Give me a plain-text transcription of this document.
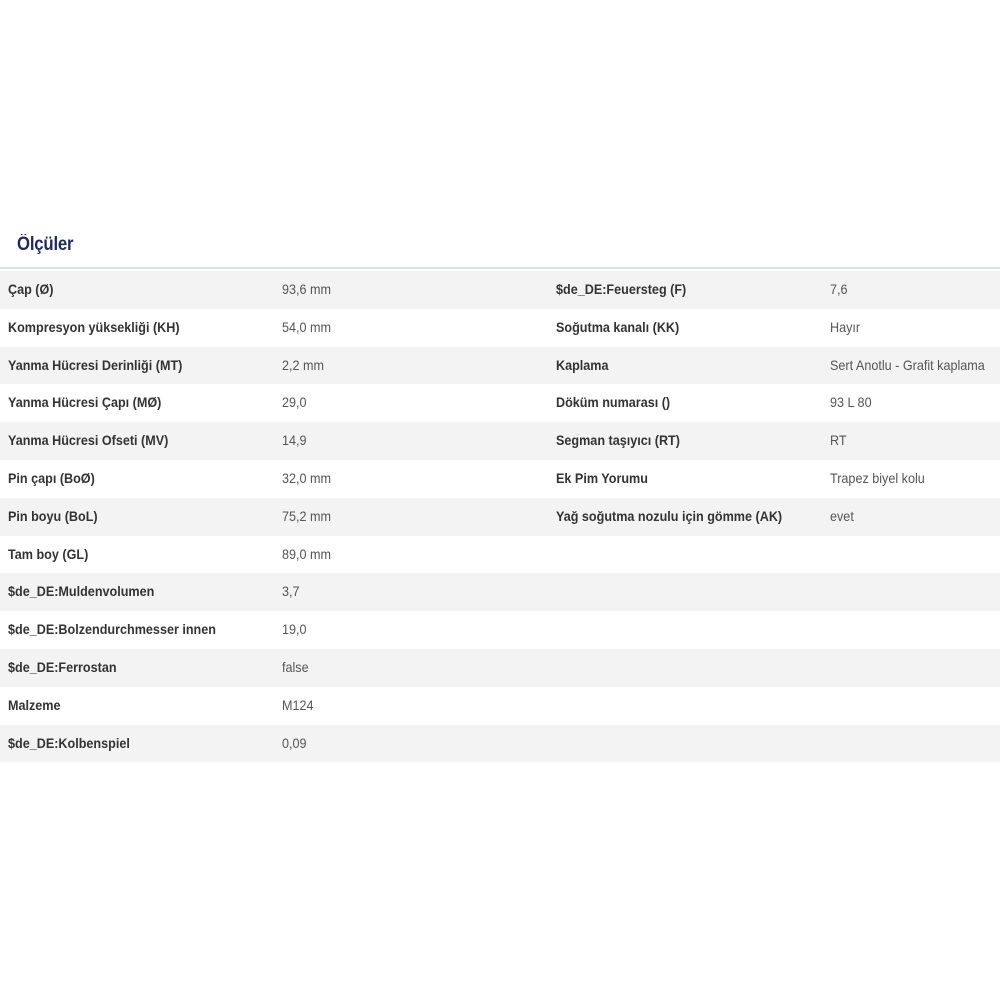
Ölçüler
Çap (Ø)	93,6 mm	$de_DE:Feuersteg (F)	7,6
Kompresyon yüksekliği (KH)	54,0 mm	Soğutma kanalı (KK)	Hayır
Yanma Hücresi Derinliği (MT)	2,2 mm	Kaplama	Sert Anotlu - Grafit kaplama
Yanma Hücresi Çapı (MØ)	29,0	Döküm numarası ()	93 L 80
Yanma Hücresi Ofseti (MV)	14,9	Segman taşıyıcı (RT)	RT
Pin çapı (BoØ)	32,0 mm	Ek Pim Yorumu	Trapez biyel kolu
Pin boyu (BoL)	75,2 mm	Yağ soğutma nozulu için gömme (AK)	evet
Tam boy (GL)	89,0 mm
$de_DE:Muldenvolumen	3,7
$de_DE:Bolzendurchmesser innen	19,0
$de_DE:Ferrostan	false
Malzeme	M124
$de_DE:Kolbenspiel	0,09
